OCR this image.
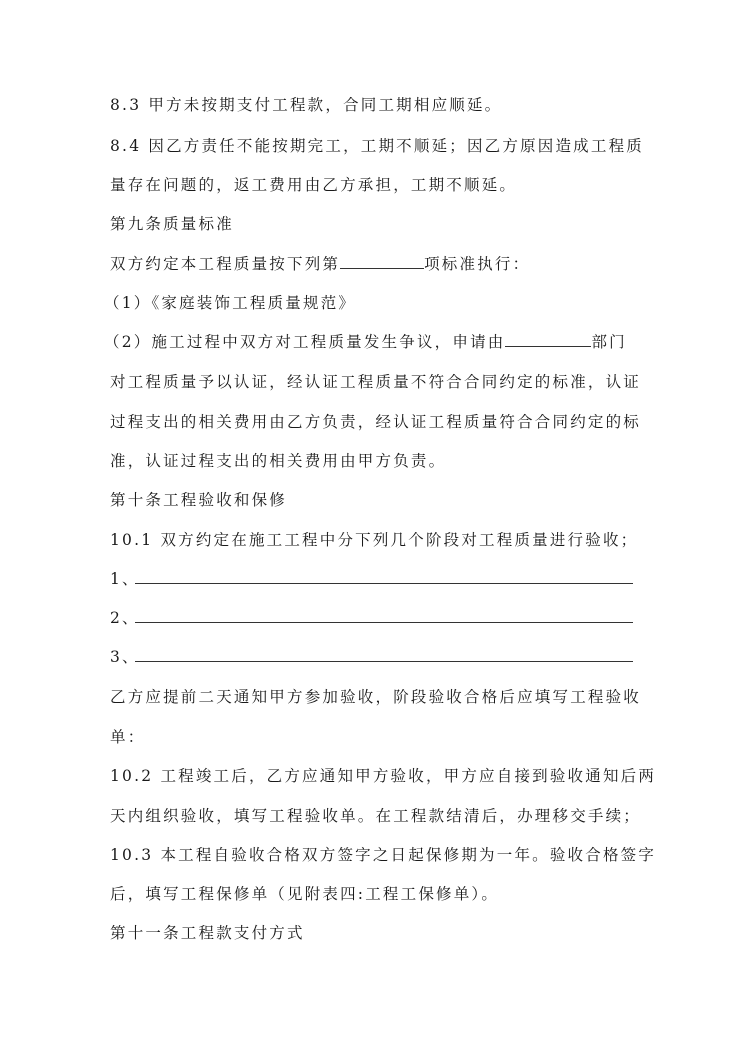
8.3 甲方未按期支付工程款，合同工期相应顺延。
8.4 因乙方责任不能按期完工，工期不顺延；因乙方原因造成工程质
量存在问题的，返工费用由乙方承担，工期不顺延。
第九条质量标准
双方约定本工程质量按下列第	项标准执行：
（1）《家庭装饰工程质量规范》
（2）施工过程中双方对工程质量发生争议，申请由	部门
对工程质量予以认证，经认证工程质量不符合合同约定的标准，认证
过程支出的相关费用由乙方负责，经认证工程质量符合合同约定的标
准，认证过程支出的相关费用由甲方负责。
第十条工程验收和保修
10.1 双方约定在施工工程中分下列几个阶段对工程质量进行验收；
1、
2、
3、
乙方应提前二天通知甲方参加验收，阶段验收合格后应填写工程验收
单：
10.2 工程竣工后，乙方应通知甲方验收，甲方应自接到验收通知后两
天内组织验收，填写工程验收单。在工程款结清后，办理移交手续；
10.3 本工程自验收合格双方签字之日起保修期为一年。验收合格签字
后，填写工程保修单（见附表四:工程工保修单）。
第十一条工程款支付方式
